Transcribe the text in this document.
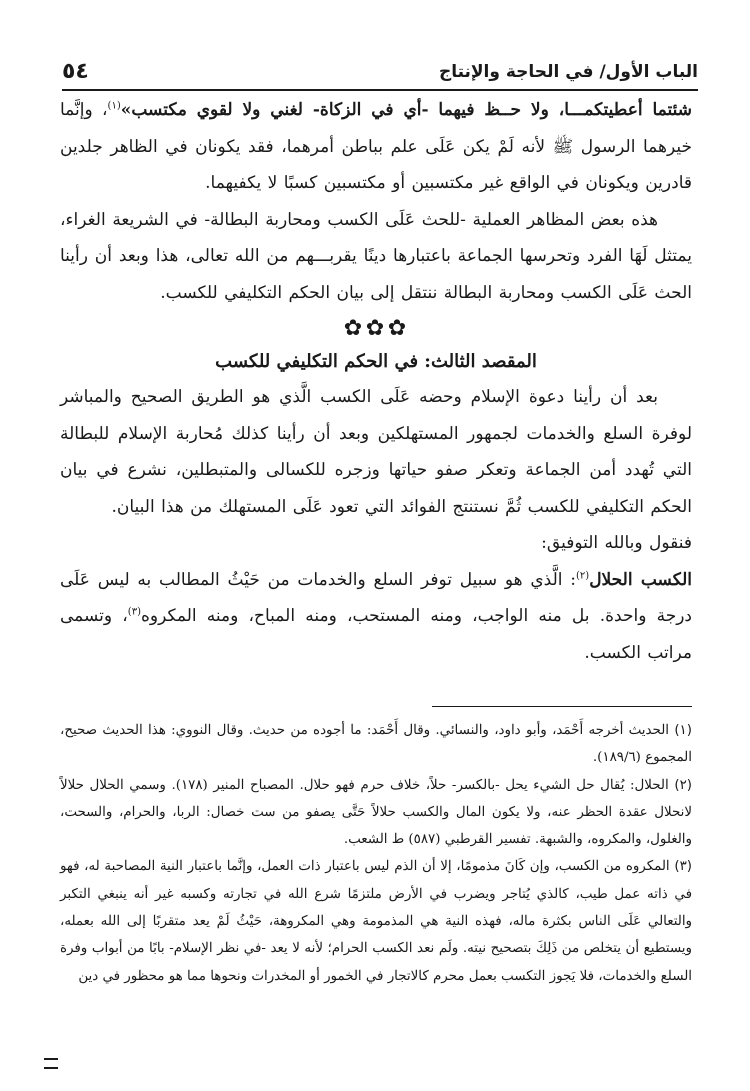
الباب الأول/ في الحاجة والإنتاج
٥٤

شئتما أعطيتكمـــا، ولا حــظ فيهما -أي في الزكاة- لغني ولا لقوي مكتسب»$^{(١)}$، وإنَّما خيرهما الرسول ﷺ لأنه لَمْ يكن عَلَى علم بباطن أمرهما، فقد يكونان في الظاهر جلدين قادرين ويكونان في الواقع غير مكتسبين أو مكتسبين كسبًا لا يكفيهما.

هذه بعض المظاهر العملية -للحث عَلَى الكسب ومحاربة البطالة- في الشريعة الغراء، يمتثل لَهَا الفرد وتحرسها الجماعة باعتبارها دينًا يقربـــهم من الله تعالى، هذا وبعد أن رأينا الحث عَلَى الكسب ومحاربة البطالة ننتقل إلى بيان الحكم التكليفي للكسب.

✿✿✿

المقصد الثالث: في الحكم التكليفي للكسب

بعد أن رأينا دعوة الإسلام وحضه عَلَى الكسب الَّذي هو الطريق الصحيح والمباشر لوفرة السلع والخدمات لجمهور المستهلكين وبعد أن رأينا كذلك مُحاربة الإسلام للبطالة التي تُهدد أمن الجماعة وتعكر صفو حياتها وزجره للكسالى والمتبطلين، نشرع في بيان الحكم التكليفي للكسب ثُمَّ نستنتج الفوائد التي تعود عَلَى المستهلك من هذا البيان.

فنقول وبالله التوفيق:

الكسب الحلال$^{(٢)}$: الَّذي هو سبيل توفر السلع والخدمات من حَيْثُ المطالب به ليس عَلَى درجة واحدة. بل منه الواجب، ومنه المستحب، ومنه المباح، ومنه المكروه$^{(٣)}$، وتسمى مراتب الكسب.

(١) الحديث أخرجه أَحْمَد، وأبو داود، والنسائي. وقال أَحْمَد: ما أجوده من حديث. وقال النووي: هذا الحديث صحيح، المجموع (١٨٩/٦).

(٢) الحلال: يُقال حل الشيء يحل -بالكسر- حلاً، خلاف حرم فهو حلال. المصباح المنير (١٧٨). وسمي الحلال حلالاً لانحلال عقدة الحظر عنه، ولا يكون المال والكسب حلالاً حَتَّى يصفو من ست خصال: الربا، والحرام، والسحت، والغلول، والمكروه، والشبهة. تفسير القرطبي (٥٨٧) ط الشعب.

(٣) المكروه من الكسب، وإن كَانَ مذمومًا، إلا أن الذم ليس باعتبار ذات العمل، وإنَّما باعتبار النية المصاحبة له، فهو في ذاته عمل طيب، كالذي يُتاجر ويضرب في الأرض ملتزمًا شرع الله في تجارته وكسبه غير أنه ينبغي التكبر والتعالي عَلَى الناس بكثرة ماله، فهذه النية هي المذمومة وهي المكروهة، حَيْثُ لَمْ يعد متقربًا إلى الله بعمله، ويستطيع أن يتخلص من ذَلِكَ بتصحيح نيته. ولَم نعد الكسب الحرام؛ لأنه لا يعد -في نظر الإسلام- بابًا من أبواب وفرة السلع والخدمات، فلا يَجوز التكسب بعمل محرم كالاتجار في الخمور أو المخدرات ونحوها مما هو محظور في دين
